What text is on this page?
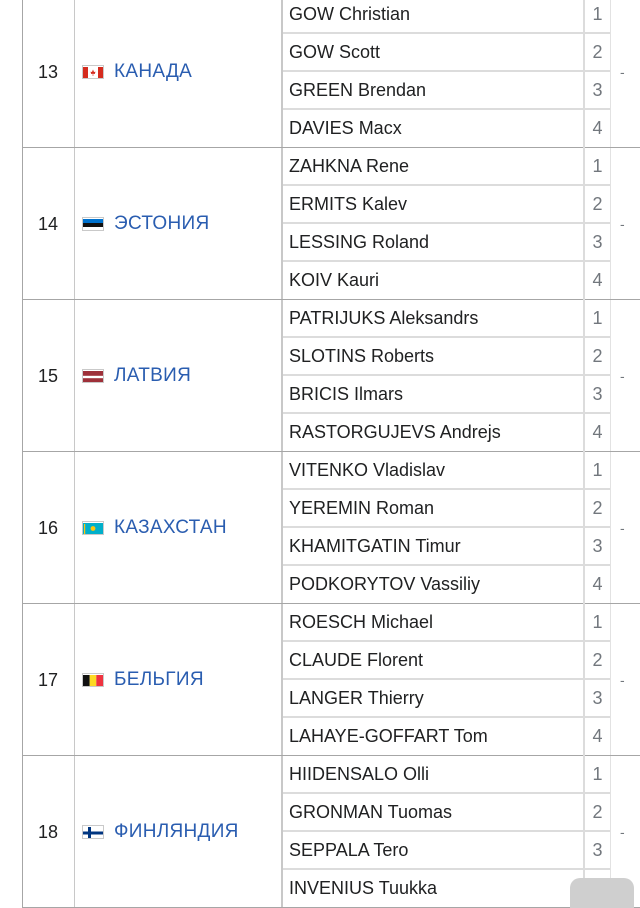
13	КАНАДА	-
GOW Christian	1
GOW Scott	2
GREEN Brendan	3
DAVIES Macx	4
14	ЭСТОНИЯ	-
ZAHKNA Rene	1
ERMITS Kalev	2
LESSING Roland	3
KOIV Kauri	4
15	ЛАТВИЯ	-
PATRIJUKS Aleksandrs	1
SLOTINS Roberts	2
BRICIS Ilmars	3
RASTORGUJEVS Andrejs	4
16	КАЗАХСТАН	-
VITENKO Vladislav	1
YEREMIN Roman	2
KHAMITGATIN Timur	3
PODKORYTOV Vassiliy	4
17	БЕЛЬГИЯ	-
ROESCH Michael	1
CLAUDE Florent	2
LANGER Thierry	3
LAHAYE-GOFFART Tom	4
18	ФИНЛЯНДИЯ	-
HIIDENSALO Olli	1
GRONMAN Tuomas	2
SEPPALA Tero	3
INVENIUS Tuukka
